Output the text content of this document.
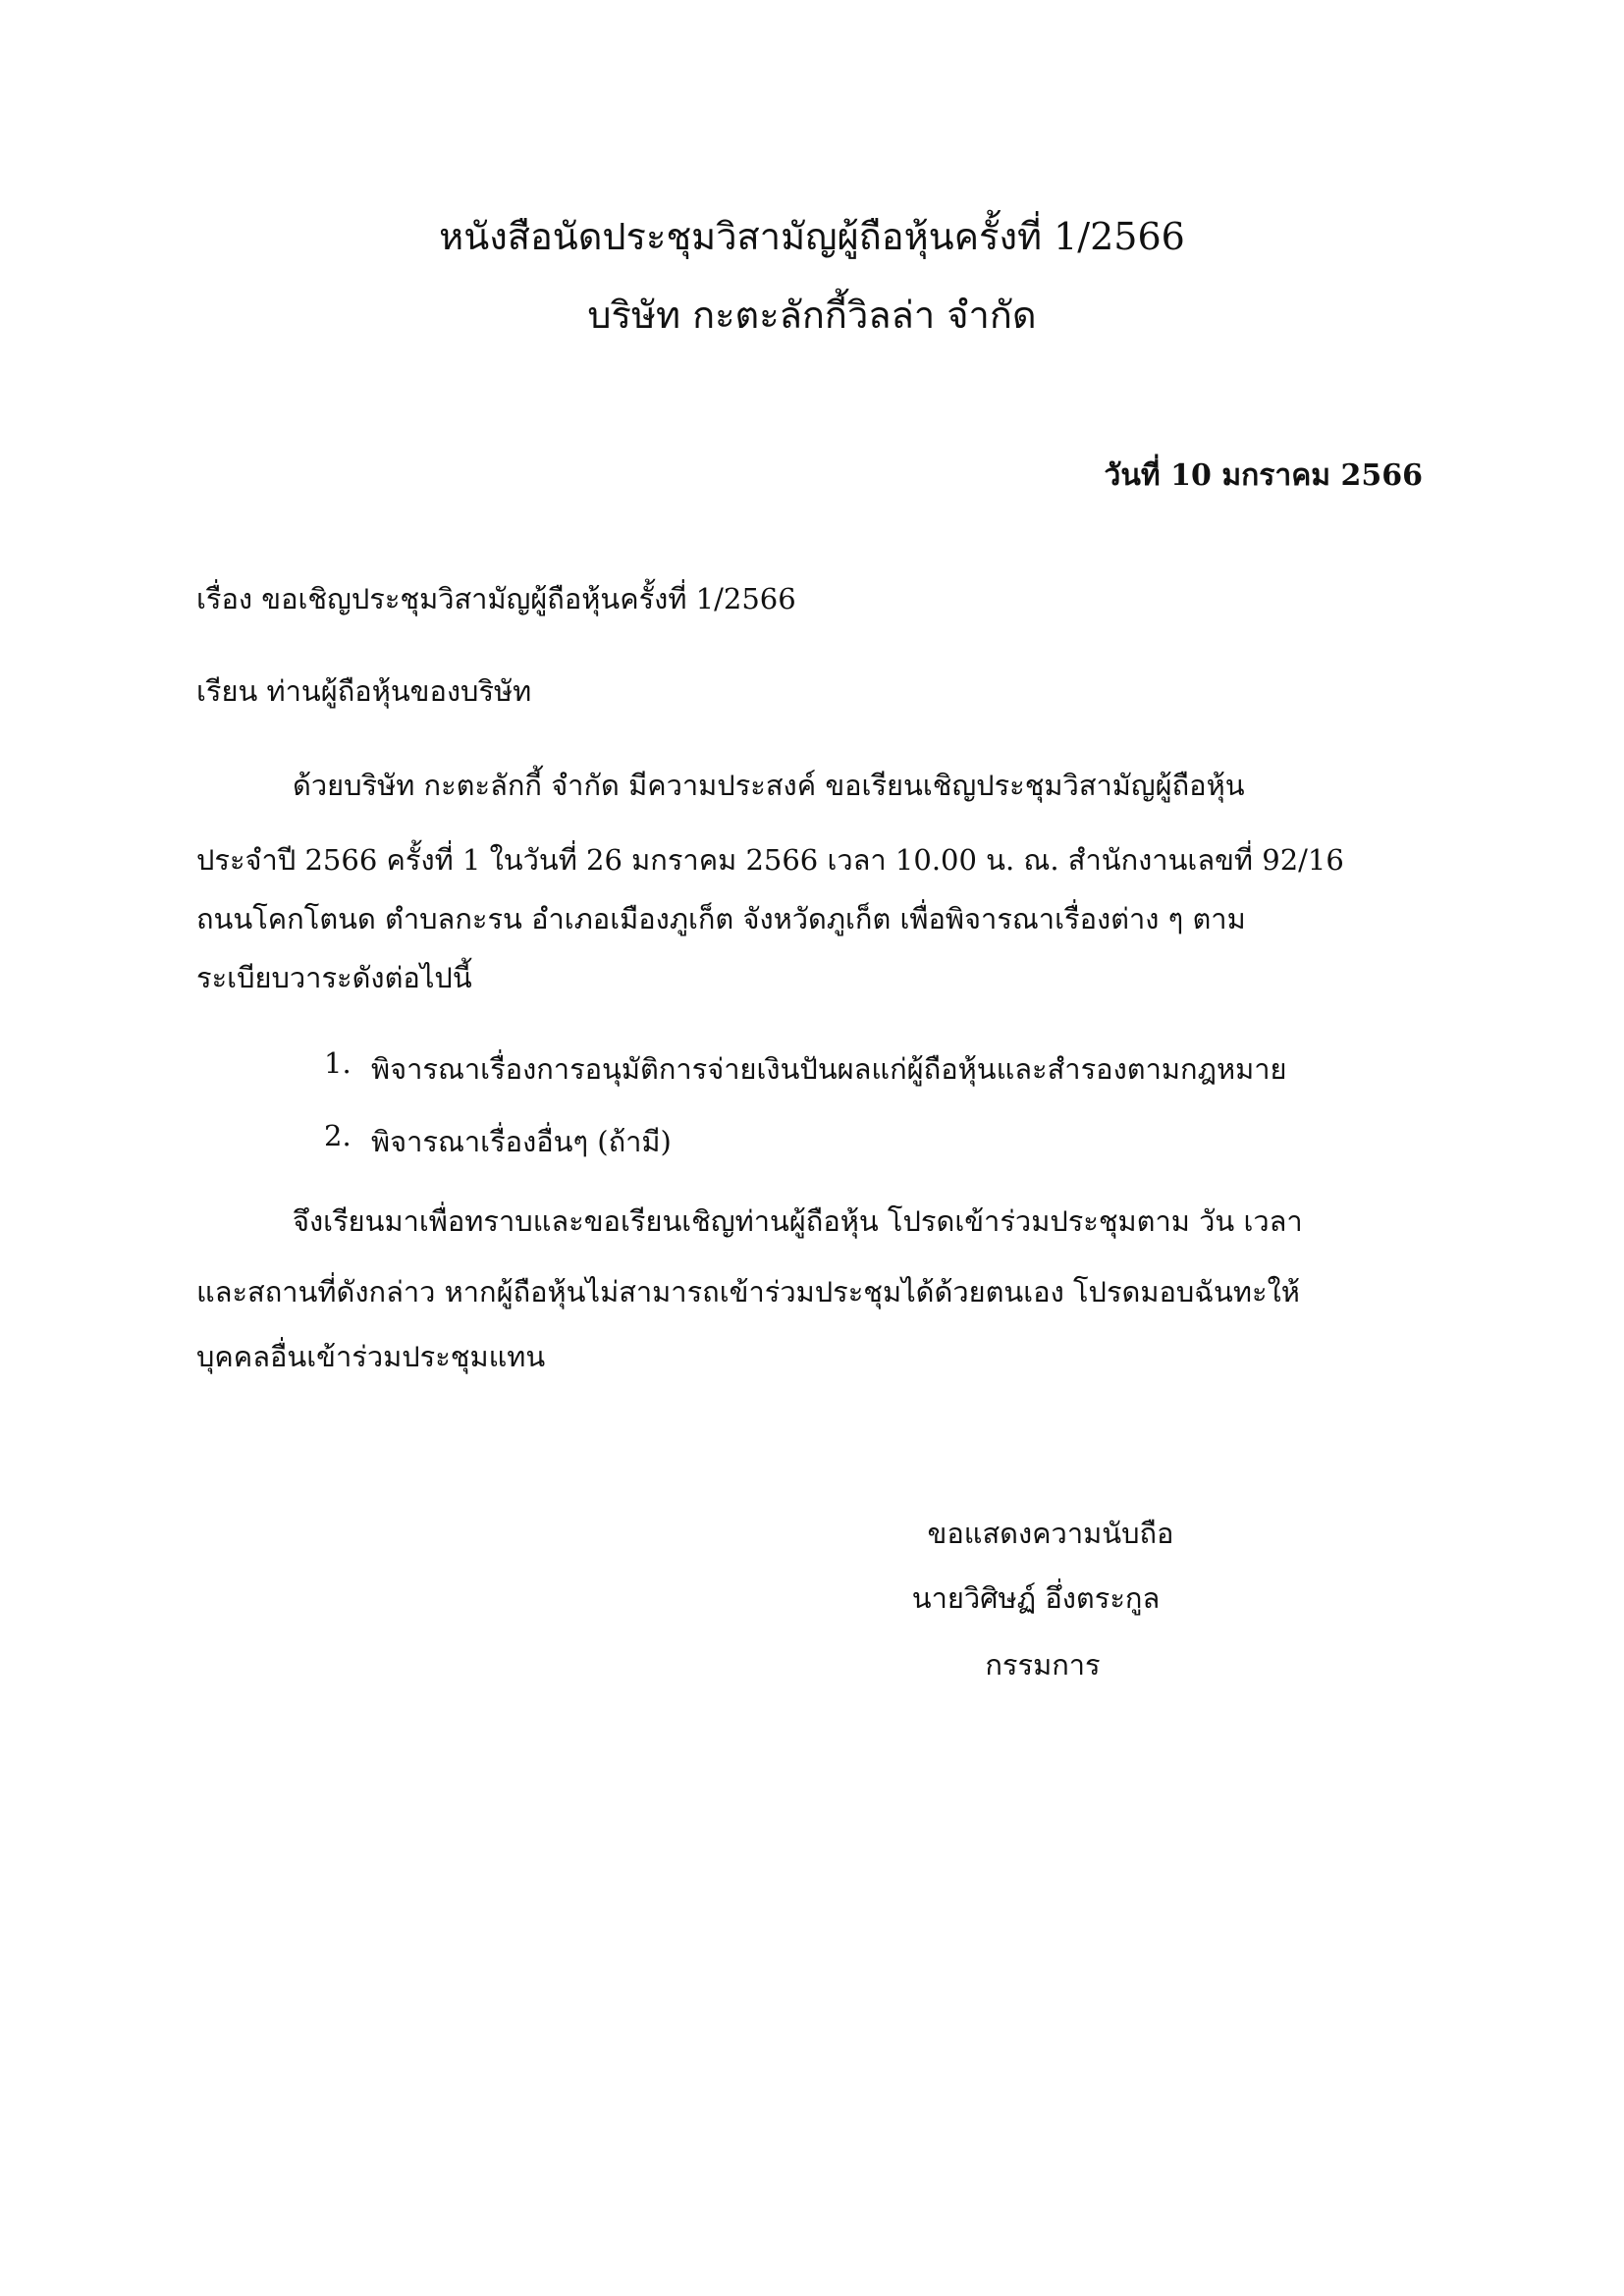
หนังสือนัดประชุมวิสามัญผู้ถือหุ้นครั้งที่ 1/2566
บริษัท กะตะลักกี้วิลล่า จำกัด
วันที่ 10 มกราคม 2566
เรื่อง ขอเชิญประชุมวิสามัญผู้ถือหุ้นครั้งที่ 1/2566
เรียน ท่านผู้ถือหุ้นของบริษัท
ด้วยบริษัท กะตะลักกี้ จำกัด มีความประสงค์ ขอเรียนเชิญประชุมวิสามัญผู้ถือหุ้น
ประจำปี 2566 ครั้งที่ 1 ในวันที่ 26 มกราคม 2566 เวลา 10.00 น. ณ. สำนักงานเลขที่ 92/16
ถนนโคกโตนด ตำบลกะรน อำเภอเมืองภูเก็ต จังหวัดภูเก็ต เพื่อพิจารณาเรื่องต่าง ๆ ตาม
ระเบียบวาระดังต่อไปนี้
1. พิจารณาเรื่องการอนุมัติการจ่ายเงินปันผลแก่ผู้ถือหุ้นและสำรองตามกฎหมาย
2. พิจารณาเรื่องอื่นๆ (ถ้ามี)
จึงเรียนมาเพื่อทราบและขอเรียนเชิญท่านผู้ถือหุ้น โปรดเข้าร่วมประชุมตาม วัน เวลา
และสถานที่ดังกล่าว หากผู้ถือหุ้นไม่สามารถเข้าร่วมประชุมได้ด้วยตนเอง โปรดมอบฉันทะให้
บุคคลอื่นเข้าร่วมประชุมแทน
ขอแสดงความนับถือ
นายวิศิษฏ์ อึ่งตระกูล
กรรมการ
